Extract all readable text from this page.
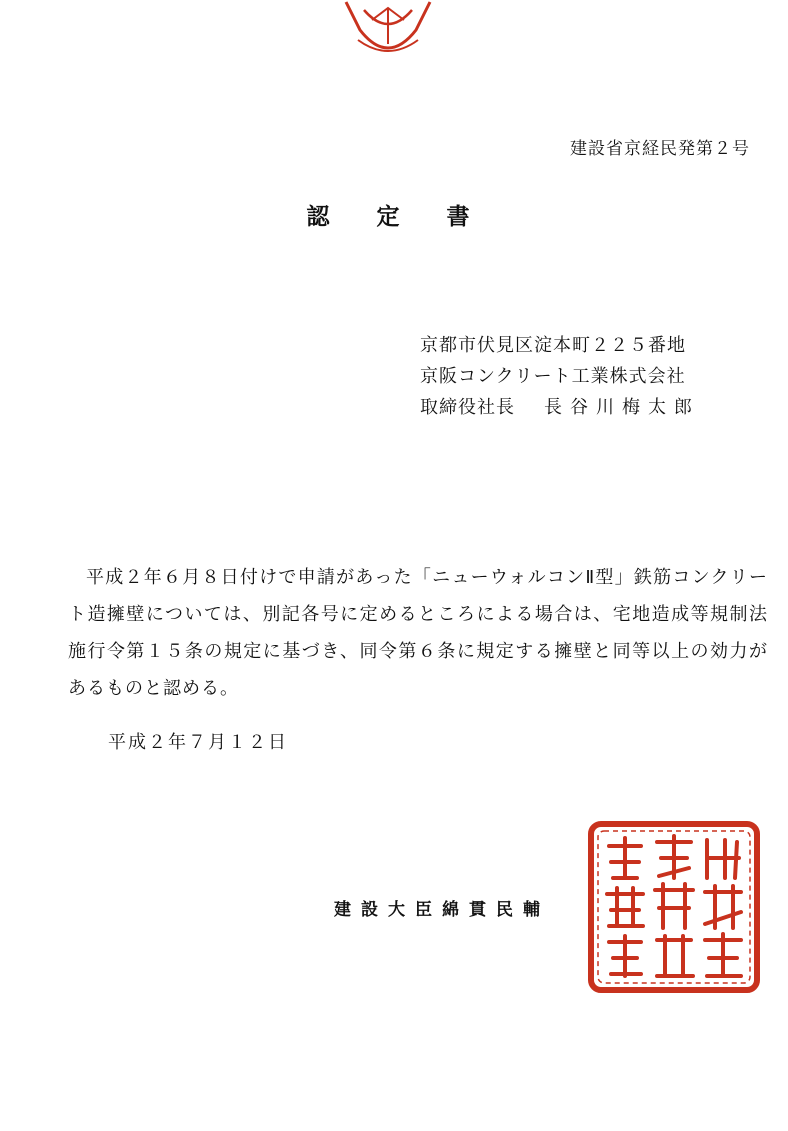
建設省京経民発第２号
認　定　書
京都市伏見区淀本町２２５番地
京阪コンクリート工業株式会社
取締役社長 長谷川梅太郎
平成２年６月８日付けで申請があった「ニューウォルコンⅡ型」鉄筋コンクリート造擁壁については、別記各号に定めるところによる場合は、宅地造成等規制法施行令第１５条の規定に基づき、同令第６条に規定する擁壁と同等以上の効力があるものと認める。
平成２年７月１２日
建設大臣綿貫民輔
